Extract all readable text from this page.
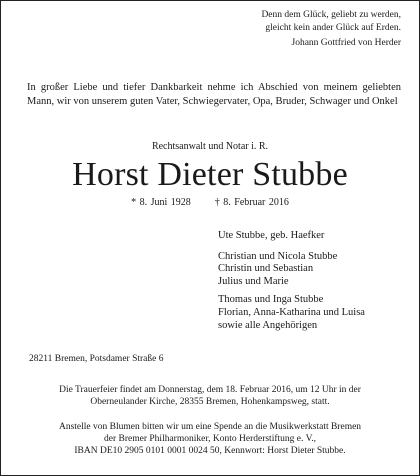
Denn dem Glück, geliebt zu werden,
gleicht kein ander Glück auf Erden.
Johann Gottfried von Herder

In großer Liebe und tiefer Dankbarkeit nehme ich Abschied von meinem geliebten Mann, wir von unserem guten Vater, Schwiegervater, Opa, Bruder, Schwager und Onkel

Rechtsanwalt und Notar i. R.
Horst Dieter Stubbe
* 8. Juni 1928 † 8. Februar 2016
Ute Stubbe, geb. Haefker
Christian und Nicola Stubbe
Christin und Sebastian
Julius und Marie
Thomas und Inga Stubbe
Florian, Anna-Katharina und Luisa
sowie alle Angehörigen
28211 Bremen, Potsdamer Straße 6
Die Trauerfeier findet am Donnerstag, dem 18. Februar 2016, um 12 Uhr in der
Oberneulander Kirche, 28355 Bremen, Hohenkampsweg, statt.
Anstelle von Blumen bitten wir um eine Spende an die Musikwerkstatt Bremen
der Bremer Philharmoniker, Konto Herderstiftung e. V.,
IBAN DE10 2905 0101 0001 0024 50, Kennwort: Horst Dieter Stubbe.
